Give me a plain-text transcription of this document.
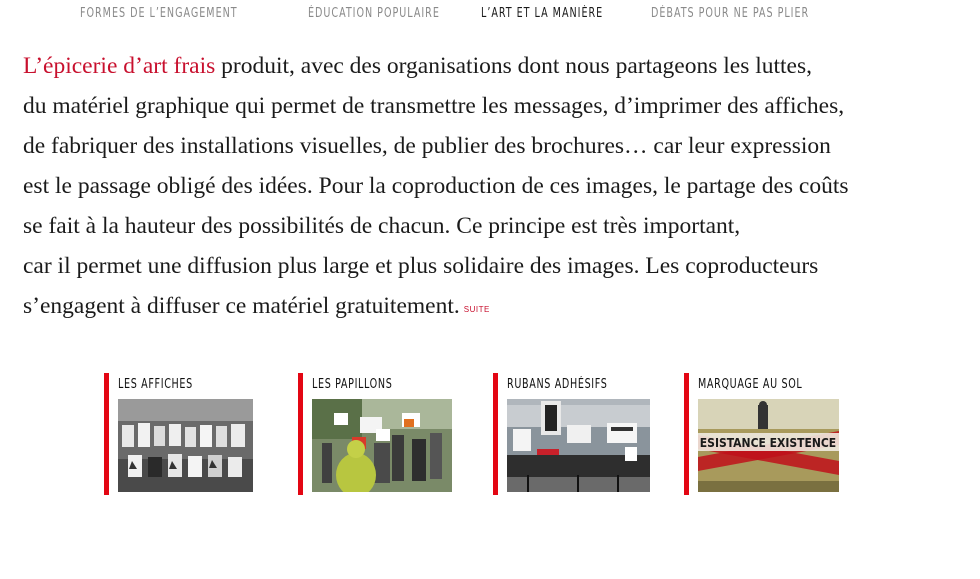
FORMES DE L’ENGAGEMENT	ÉDUCATION POPULAIRE	L’ART ET LA MANIÈRE	DÉBATS POUR NE PAS PLIER
L’épicerie d’art frais produit, avec des organisations dont nous partageons les luttes,
du matériel graphique qui permet de transmettre les messages, d’imprimer des affiches,
de fabriquer des installations visuelles, de publier des brochures… car leur expression
est le passage obligé des idées. Pour la coproduction de ces images, le partage des coûts
se fait à la hauteur des possibilités de chacun. Ce principe est très important,
car il permet une diffusion plus large et plus solidaire des images. Les coproducteurs
s’engagent à diffuser ce matériel gratuitement. SUITE
LES AFFICHES	LES PAPILLONS	RUBANS ADHÉSIFS	MARQUAGE AU SOL
ESISTANCE EXISTENCE
